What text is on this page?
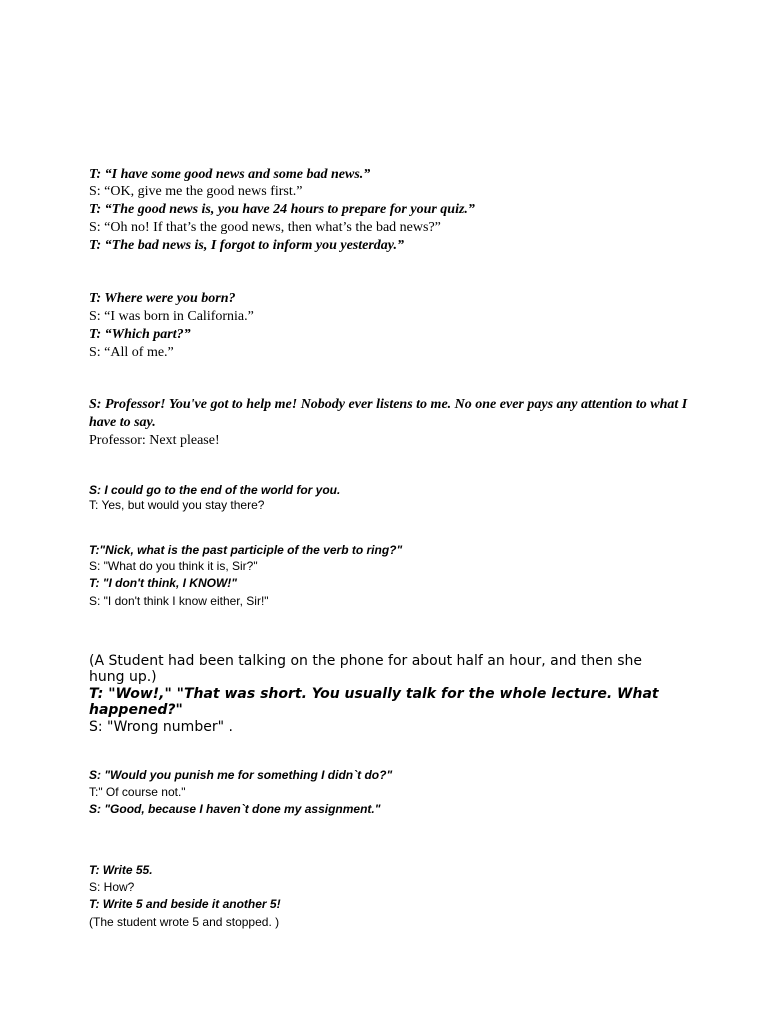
T: “I have some good news and some bad news.”
S: “OK, give me the good news first.”
T: “The good news is, you have 24 hours to prepare for your quiz.”
S: “Oh no! If that’s the good news, then what’s the bad news?”
T: “The bad news is, I forgot to inform you yesterday.”
T: Where were you born?
S: “I was born in California.”
T: “Which part?”
S: “All of me.”
S: Professor! You've got to help me! Nobody ever listens to me. No one ever pays any attention to what I have to say.
Professor: Next please!
S: I could go to the end of the world for you.
T: Yes, but would you stay there?
T:"Nick, what is the past participle of the verb to ring?"
S: "What do you think it is, Sir?"
T: "I don't think, I KNOW!"
S: "I don't think I know either, Sir!"
(A Student had been talking on the phone for about half an hour, and then she hung up.)
T: "Wow!," "That was short. You usually talk for the whole lecture. What happened?"
S: "Wrong number" .
S: "Would you punish me for something I didn`t do?"
T:" Of course not."
S: "Good, because I haven`t done my assignment."
T: Write 55.
S: How?
T: Write 5 and beside it another 5!
(The student wrote 5 and stopped. )
